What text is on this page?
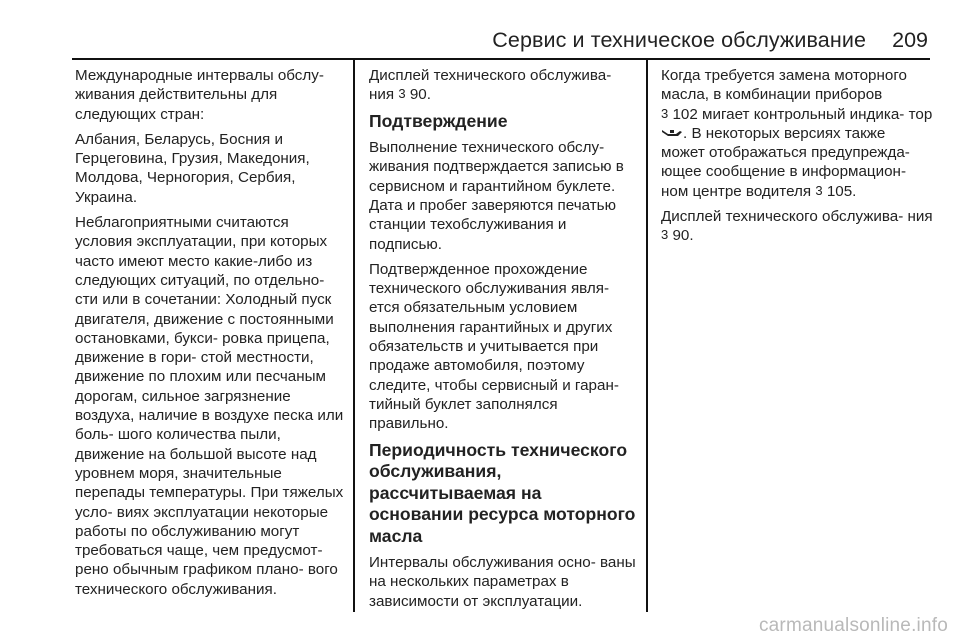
Сервис и техническое обслуживание 209

Международные интервалы обслу- живания действительны для следующих стран:

Албания, Беларусь, Босния и Герцеговина, Грузия, Македония, Молдова, Черногория, Сербия, Украина.

Неблагоприятными считаются условия эксплуатации, при которых часто имеют место какие-либо из следующих ситуаций, по отдельно- сти или в сочетании: Холодный пуск двигателя, движение с постоянными остановками, букси- ровка прицепа, движение в гори- стой местности, движение по плохим или песчаным дорогам, сильное загрязнение воздуха, наличие в воздухе песка или боль- шого количества пыли, движение на большой высоте над уровнем моря, значительные перепады температуры. При тяжелых усло- виях эксплуатации некоторые работы по обслуживанию могут требоваться чаще, чем предусмот- рено обычным графиком плано- вого технического обслуживания.

Дисплей технического обслужива- ния 3 90.

Подтверждение

Выполнение технического обслу- живания подтверждается записью в сервисном и гарантийном буклете. Дата и пробег заверяются печатью станции техобслуживания и подписью.

Подтвержденное прохождение технического обслуживания явля- ется обязательным условием выполнения гарантийных и других обязательств и учитывается при продаже автомобиля, поэтому следите, чтобы сервисный и гаран- тийный буклет заполнялся правильно.

Периодичность технического обслуживания, рассчитываемая на основании ресурса моторного масла

Интервалы обслуживания осно- ваны на нескольких параметрах в зависимости от эксплуатации.

Когда требуется замена моторного масла, в комбинации приборов
3 102 мигает контрольный индика- тор . В некоторых версиях также может отображаться предупрежда- ющее сообщение в информацион- ном центре водителя 3 105.

Дисплей технического обслужива- ния 3 90.

carmanualsonline.info
